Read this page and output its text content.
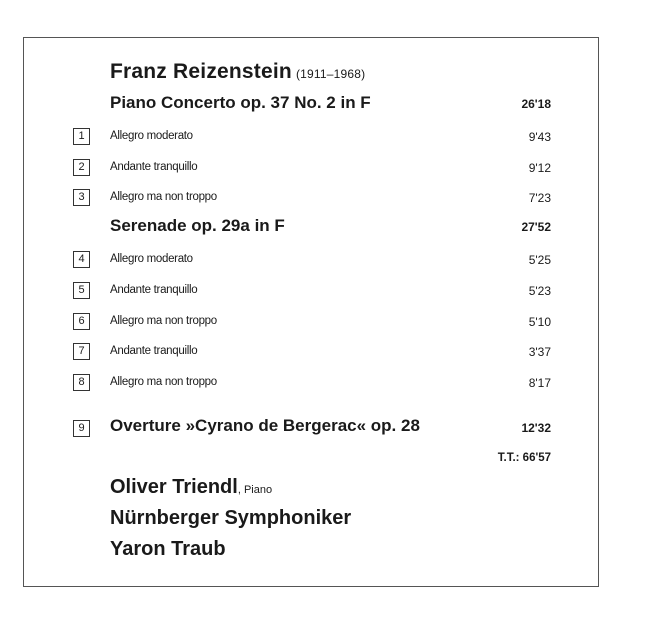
Franz Reizenstein (1911–1968)
Piano Concerto op. 37 No. 2 in F	26'18
1	Allegro moderato	9'43
2	Andante tranquillo	9'12
3	Allegro ma non troppo	7'23
Serenade op. 29a in F	27'52
4	Allegro moderato	5'25
5	Andante tranquillo	5'23
6	Allegro ma non troppo	5'10
7	Andante tranquillo	3'37
8	Allegro ma non troppo	8'17
9	Overture »Cyrano de Bergerac« op. 28	12'32
T.T.: 66'57
Oliver Triendl, Piano
Nürnberger Symphoniker
Yaron Traub
